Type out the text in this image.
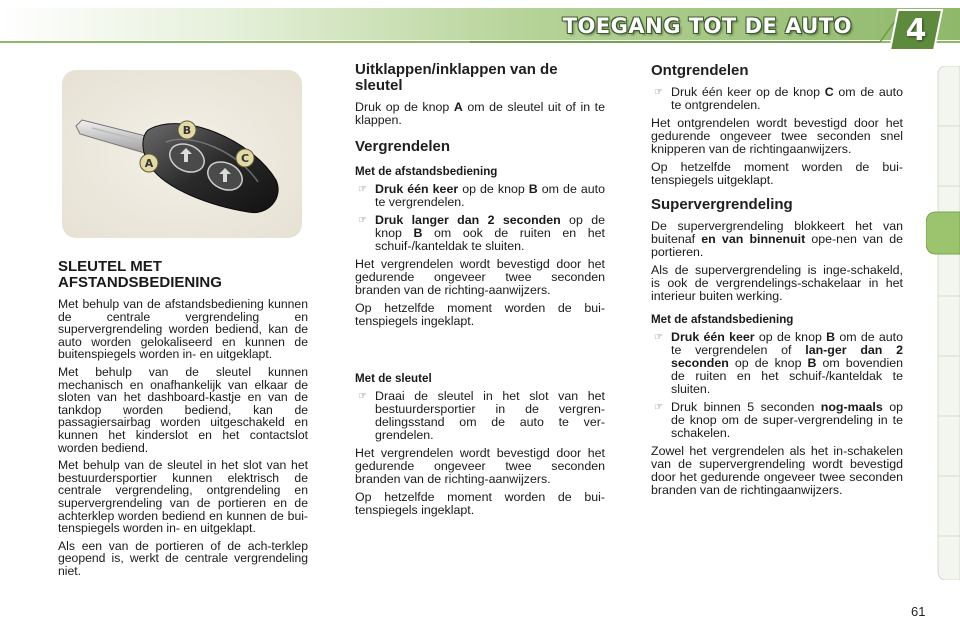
TOEGANG TOT DE AUTO	4
A
B
C
SLEUTEL MET AFSTANDSBEDIENING

Met behulp van de afstandsbediening kunnen de centrale vergrendeling en supervergrendeling worden bediend, kan de auto worden gelokaliseerd en kunnen de buitenspiegels worden in- en uitgeklapt.

Met behulp van de sleutel kunnen mechanisch en onafhankelijk van elkaar de sloten van het dashboard-kastje en van de tankdop worden bediend, kan de passagiersairbag worden uitgeschakeld en kunnen het kinderslot en het contactslot worden bediend.

Met behulp van de sleutel in het slot van het bestuurdersportier kunnen elektrisch de centrale vergrendeling, ontgrendeling en supervergrendeling van de portieren en de achterklep worden bediend en kunnen de bui-tenspiegels worden in- en uitgeklapt.

Als een van de portieren of de ach-terklep geopend is, werkt de centrale vergrendeling niet.

Uitklappen/inklappen van de sleutel

Druk op de knop A om de sleutel uit of in te klappen.

Vergrendelen
Met de afstandsbediening
☞ Druk één keer op de knop B om de auto te vergrendelen.
☞ Druk langer dan 2 seconden op de knop B om ook de ruiten en het schuif-/kanteldak te sluiten.

Het vergrendelen wordt bevestigd door het gedurende ongeveer twee seconden branden van de richting-aanwijzers.

Op hetzelfde moment worden de bui-tenspiegels ingeklapt.

Met de sleutel
☞ Draai de sleutel in het slot van het bestuurdersportier in de vergren-delingsstand om de auto te ver-grendelen.

Het vergrendelen wordt bevestigd door het gedurende ongeveer twee seconden branden van de richting-aanwijzers.

Op hetzelfde moment worden de bui-tenspiegels ingeklapt.

Ontgrendelen
☞ Druk één keer op de knop C om de auto te ontgrendelen.

Het ontgrendelen wordt bevestigd door het gedurende ongeveer twee seconden snel knipperen van de richtingaanwijzers.

Op hetzelfde moment worden de bui-tenspiegels uitgeklapt.

Supervergrendeling

De supervergrendeling blokkeert het van buitenaf en van binnenuit ope-nen van de portieren.

Als de supervergrendeling is inge-schakeld, is ook de vergrendelings-schakelaar in het interieur buiten werking.

Met de afstandsbediening
☞ Druk één keer op de knop B om de auto te vergrendelen of lan-ger dan 2 seconden op de knop B om bovendien de ruiten en het schuif-/kanteldak te sluiten.
☞ Druk binnen 5 seconden nog-maals op de knop om de super-vergrendeling in te schakelen.

Zowel het vergrendelen als het in-schakelen van de supervergrendeling wordt bevestigd door het gedurende ongeveer twee seconden branden van de richtingaanwijzers.

61
